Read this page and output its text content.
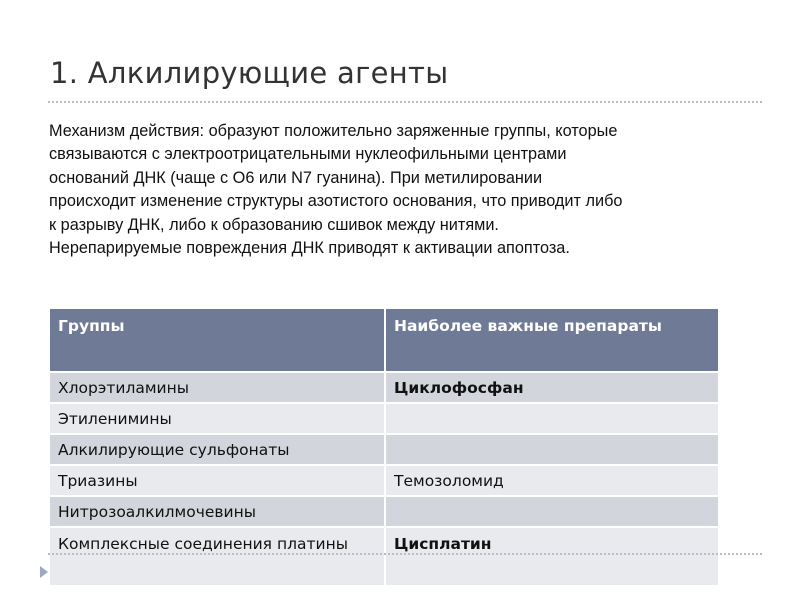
1. Алкилирующие агенты
Механизм действия: образуют положительно заряженные группы, которые
связываются с электроотрицательными нуклеофильными центрами
оснований ДНК (чаще с О6 или N7 гуанина). При метилировании
происходит изменение структуры азотистого основания, что приводит либо
к разрыву ДНК, либо к образованию сшивок между нитями.
Нерепарируемые повреждения ДНК приводят к активации апоптоза.
Группы	Наиболее важные препараты
Хлорэтиламины	Циклофосфан
Этиленимины	
Алкилирующие сульфонаты	
Триазины	Темозоломид
Нитрозоалкилмочевины	
Комплексные соединения платины	Цисплатин
